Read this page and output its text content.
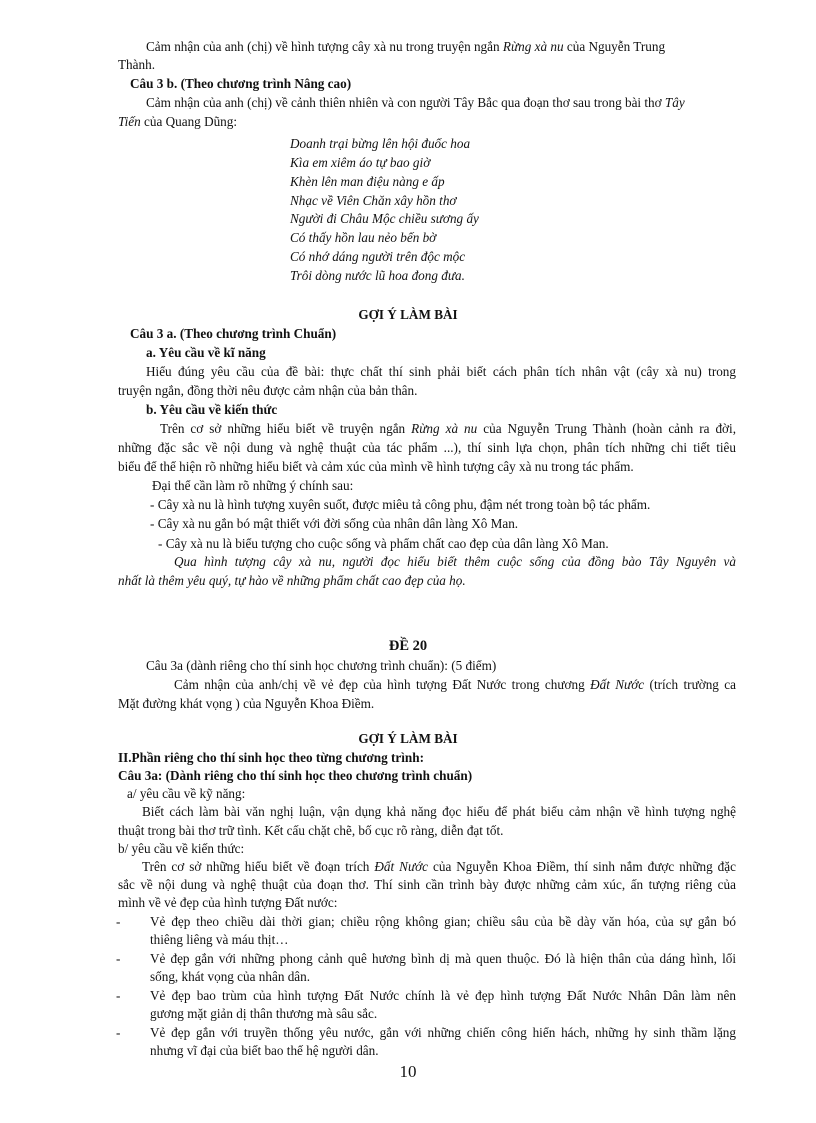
Cảm nhận của anh (chị) về hình tượng cây xà nu trong truyện ngắn Rừng xà nu của Nguyễn Trung
Thành.
Câu 3 b. (Theo chương trình Nâng cao)
Cảm nhận của anh (chị) về cảnh thiên nhiên và con người Tây Bắc qua đoạn thơ sau trong bài thơ Tây
Tiến của Quang Dũng:
Doanh trại bừng lên hội đuốc hoa
Kìa em xiêm áo tự bao giờ
Khèn lên man điệu nàng e ấp
Nhạc về Viên Chăn xây hồn thơ
Người đi Châu Mộc chiều sương ấy
Có thấy hồn lau nẻo bến bờ
Có nhớ dáng người trên độc mộc
Trôi dòng nước lũ hoa đong đưa.
GỢI Ý LÀM BÀI
Câu 3 a. (Theo chương trình Chuẩn)
a. Yêu cầu về kĩ năng
Hiểu đúng yêu cầu của đề bài: thực chất thí sinh phải biết cách phân tích nhân vật (cây xà nu) trong
truyện ngắn, đồng thời nêu được cảm nhận của bản thân.
b. Yêu cầu về kiến thức
Trên cơ sở những hiểu biết về truyện ngắn Rừng xà nu của Nguyễn Trung Thành (hoàn cảnh ra đời,
những đặc sắc về nội dung và nghệ thuật của tác phẩm ...), thí sinh lựa chọn, phân tích những chi tiết tiêu
biểu để thể hiện rõ những hiểu biết và cảm xúc của mình về hình tượng cây xà nu trong tác phẩm.
Đại thể cần làm rõ những ý chính sau:
- Cây xà nu là hình tượng xuyên suốt, được miêu tả công phu, đậm nét trong toàn bộ tác phẩm.
- Cây xà nu gắn bó mật thiết với đời sống của nhân dân làng Xô Man.
- Cây xà nu là biểu tượng cho cuộc sống và phẩm chất cao đẹp của dân làng Xô Man.
Qua hình tượng cây xà nu, người đọc hiểu biết thêm cuộc sống của đồng bào Tây Nguyên và
nhất là thêm yêu quý, tự hào về những phẩm chất cao đẹp của họ.
ĐỀ 20
Câu 3a (dành riêng cho thí sinh học chương trình chuẩn): (5 điểm)
Cảm nhận của anh/chị về vẻ đẹp của hình tượng Đất Nước trong chương Đất Nước (trích trường ca
Mặt đường khát vọng ) của Nguyễn Khoa Điềm.
GỢI Ý LÀM BÀI
II.Phần riêng cho thí sinh học theo từng chương trình:
Câu 3a: (Dành riêng cho thí sinh học theo chương trình chuẩn)
a/ yêu cầu về kỹ năng:
Biết cách làm bài văn nghị luận, vận dụng khả năng đọc hiểu để phát biểu cảm nhận về hình tượng nghệ
thuật trong bài thơ trữ tình. Kết cấu chặt chẽ, bố cục rõ ràng, diễn đạt tốt.
b/ yêu cầu về kiến thức:
Trên cơ sở những hiểu biết về đoạn trích Đất Nước của Nguyễn Khoa Điềm, thí sinh nắm được những đặc
sắc về nội dung và nghệ thuật của đoạn thơ. Thí sinh cần trình bày được những cảm xúc, ấn tượng riêng của
mình về vẻ đẹp của hình tượng Đất nước:
- Vẻ đẹp theo chiều dài thời gian; chiều rộng không gian; chiều sâu của bề dày văn hóa, của sự gắn bó
thiêng liêng và máu thịt…
- Vẻ đẹp gắn với những phong cảnh quê hương bình dị mà quen thuộc. Đó là hiện thân của dáng hình, lối
sống, khát vọng của nhân dân.
- Vẻ đẹp bao trùm của hình tượng Đất Nước chính là vẻ đẹp hình tượng Đất Nước Nhân Dân làm nên
gương mặt giản dị thân thương mà sâu sắc.
- Vẻ đẹp gắn với truyền thống yêu nước, gắn với những chiến công hiển hách, những hy sinh thầm lặng
nhưng vĩ đại của biết bao thế hệ người dân.
10
